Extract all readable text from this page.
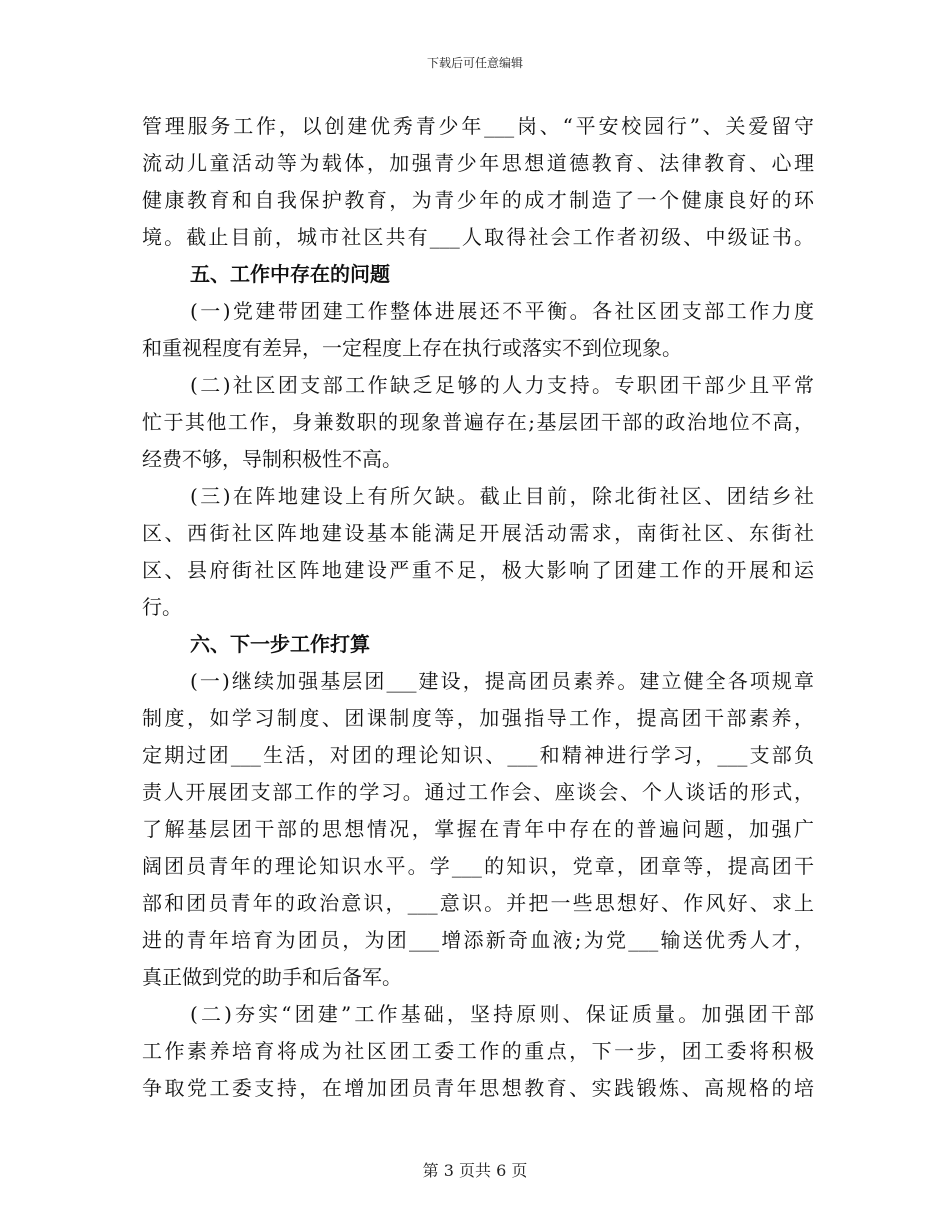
下载后可任意编辑
管理服务工作，以创建优秀青少年___岗、“平安校园行”、关爱留守
流动儿童活动等为载体，加强青少年思想道德教育、法律教育、心理
健康教育和自我保护教育，为青少年的成才制造了一个健康良好的环
境。截止目前，城市社区共有___人取得社会工作者初级、中级证书。
五、工作中存在的问题
(一)党建带团建工作整体进展还不平衡。各社区团支部工作力度
和重视程度有差异，一定程度上存在执行或落实不到位现象。
(二)社区团支部工作缺乏足够的人力支持。专职团干部少且平常
忙于其他工作，身兼数职的现象普遍存在;基层团干部的政治地位不高，
经费不够，导制积极性不高。
(三)在阵地建设上有所欠缺。截止目前，除北街社区、团结乡社
区、西街社区阵地建设基本能满足开展活动需求，南街社区、东街社
区、县府街社区阵地建设严重不足，极大影响了团建工作的开展和运
行。
六、下一步工作打算
(一)继续加强基层团___建设，提高团员素养。建立健全各项规章
制度，如学习制度、团课制度等，加强指导工作，提高团干部素养，
定期过团___生活，对团的理论知识、___和精神进行学习，___支部负
责人开展团支部工作的学习。通过工作会、座谈会、个人谈话的形式，
了解基层团干部的思想情况，掌握在青年中存在的普遍问题，加强广
阔团员青年的理论知识水平。学___的知识，党章，团章等，提高团干
部和团员青年的政治意识，___意识。并把一些思想好、作风好、求上
进的青年培育为团员，为团___增添新奇血液;为党___输送优秀人才，
真正做到党的助手和后备军。
(二)夯实“团建”工作基础，坚持原则、保证质量。加强团干部
工作素养培育将成为社区团工委工作的重点，下一步，团工委将积极
争取党工委支持，在增加团员青年思想教育、实践锻炼、高规格的培
第 3 页共 6 页
